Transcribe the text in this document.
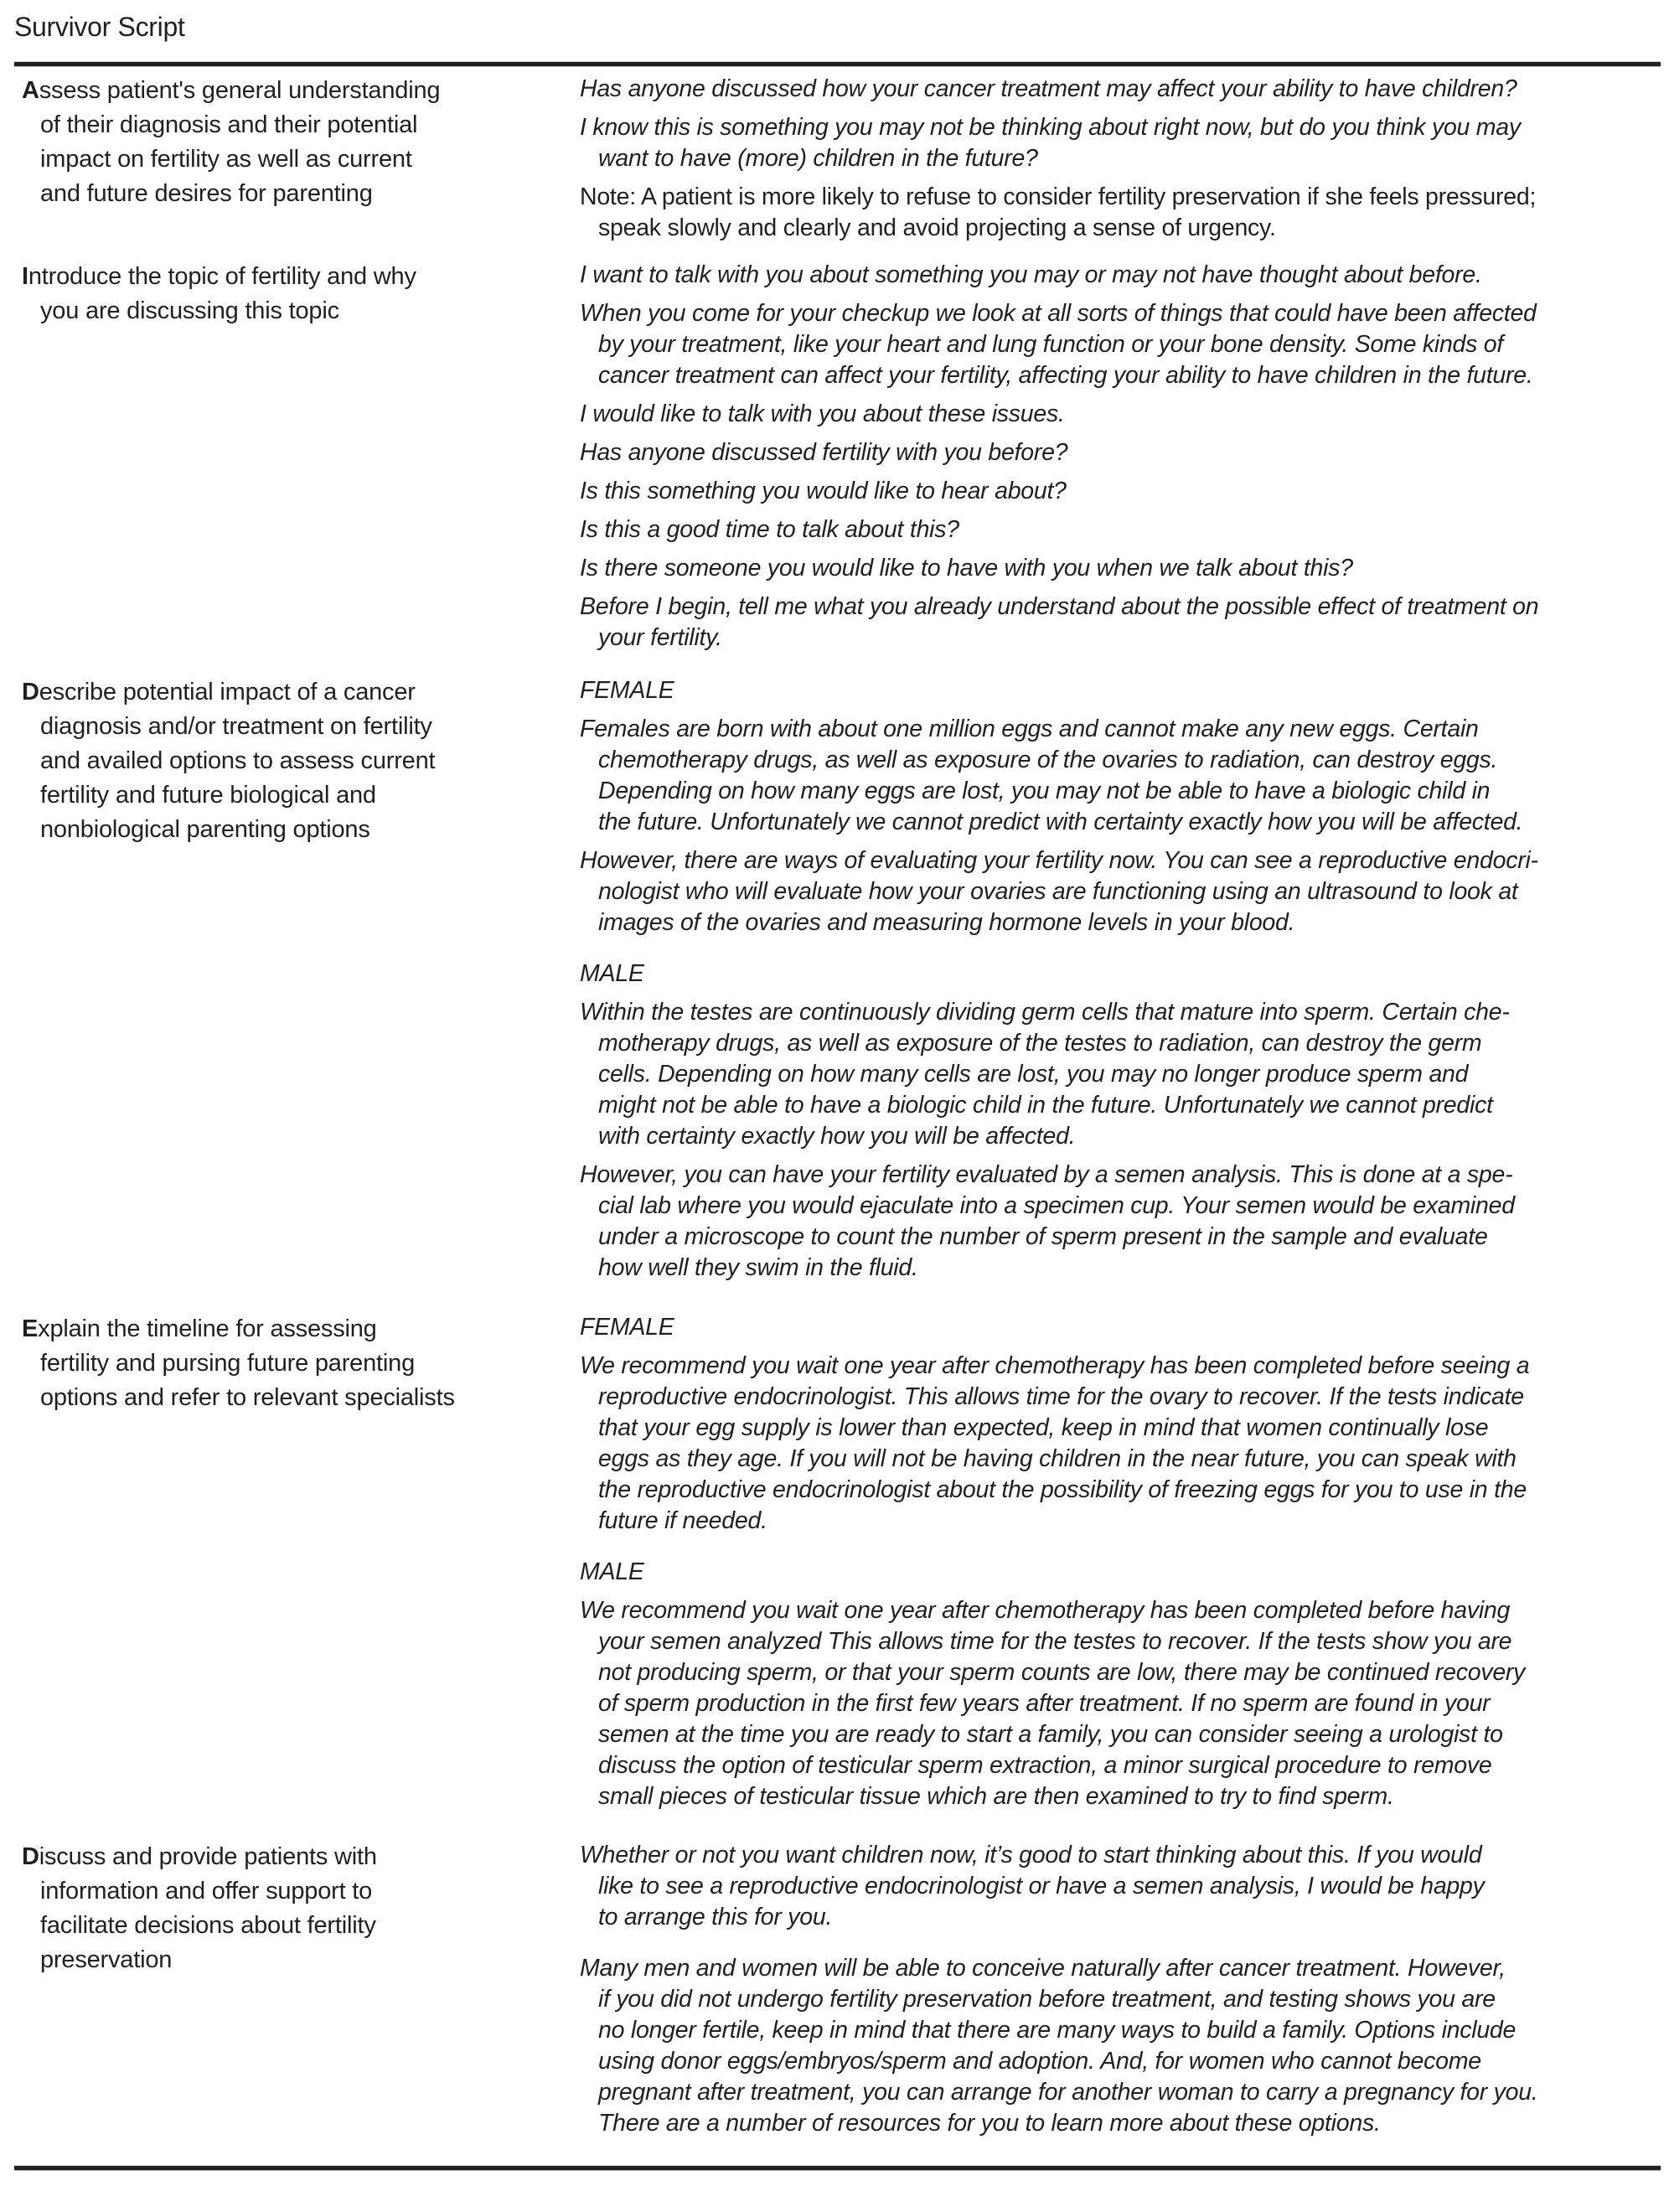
Survivor Script
Assess patient's general understanding
of their diagnosis and their potential
impact on fertility as well as current
and future desires for parenting
Has anyone discussed how your cancer treatment may affect your ability to have children?
I know this is something you may not be thinking about right now, but do you think you may
want to have (more) children in the future?
Note: A patient is more likely to refuse to consider fertility preservation if she feels pressured;
speak slowly and clearly and avoid projecting a sense of urgency.
Introduce the topic of fertility and why
you are discussing this topic
I want to talk with you about something you may or may not have thought about before.
When you come for your checkup we look at all sorts of things that could have been affected
by your treatment, like your heart and lung function or your bone density. Some kinds of
cancer treatment can affect your fertility, affecting your ability to have children in the future.
I would like to talk with you about these issues.
Has anyone discussed fertility with you before?
Is this something you would like to hear about?
Is this a good time to talk about this?
Is there someone you would like to have with you when we talk about this?
Before I begin, tell me what you already understand about the possible effect of treatment on
your fertility.
Describe potential impact of a cancer
diagnosis and/or treatment on fertility
and availed options to assess current
fertility and future biological and
nonbiological parenting options
FEMALE
Females are born with about one million eggs and cannot make any new eggs. Certain
chemotherapy drugs, as well as exposure of the ovaries to radiation, can destroy eggs.
Depending on how many eggs are lost, you may not be able to have a biologic child in
the future. Unfortunately we cannot predict with certainty exactly how you will be affected.
However, there are ways of evaluating your fertility now. You can see a reproductive endocri-
nologist who will evaluate how your ovaries are functioning using an ultrasound to look at
images of the ovaries and measuring hormone levels in your blood.
MALE
Within the testes are continuously dividing germ cells that mature into sperm. Certain che-
motherapy drugs, as well as exposure of the testes to radiation, can destroy the germ
cells. Depending on how many cells are lost, you may no longer produce sperm and
might not be able to have a biologic child in the future. Unfortunately we cannot predict
with certainty exactly how you will be affected.
However, you can have your fertility evaluated by a semen analysis. This is done at a spe-
cial lab where you would ejaculate into a specimen cup. Your semen would be examined
under a microscope to count the number of sperm present in the sample and evaluate
how well they swim in the fluid.
Explain the timeline for assessing
fertility and pursing future parenting
options and refer to relevant specialists
FEMALE
We recommend you wait one year after chemotherapy has been completed before seeing a
reproductive endocrinologist. This allows time for the ovary to recover. If the tests indicate
that your egg supply is lower than expected, keep in mind that women continually lose
eggs as they age. If you will not be having children in the near future, you can speak with
the reproductive endocrinologist about the possibility of freezing eggs for you to use in the
future if needed.
MALE
We recommend you wait one year after chemotherapy has been completed before having
your semen analyzed This allows time for the testes to recover. If the tests show you are
not producing sperm, or that your sperm counts are low, there may be continued recovery
of sperm production in the first few years after treatment. If no sperm are found in your
semen at the time you are ready to start a family, you can consider seeing a urologist to
discuss the option of testicular sperm extraction, a minor surgical procedure to remove
small pieces of testicular tissue which are then examined to try to find sperm.
Discuss and provide patients with
information and offer support to
facilitate decisions about fertility
preservation
Whether or not you want children now, it’s good to start thinking about this. If you would
like to see a reproductive endocrinologist or have a semen analysis, I would be happy
to arrange this for you.
Many men and women will be able to conceive naturally after cancer treatment. However,
if you did not undergo fertility preservation before treatment, and testing shows you are
no longer fertile, keep in mind that there are many ways to build a family. Options include
using donor eggs/embryos/sperm and adoption. And, for women who cannot become
pregnant after treatment, you can arrange for another woman to carry a pregnancy for you.
There are a number of resources for you to learn more about these options.
